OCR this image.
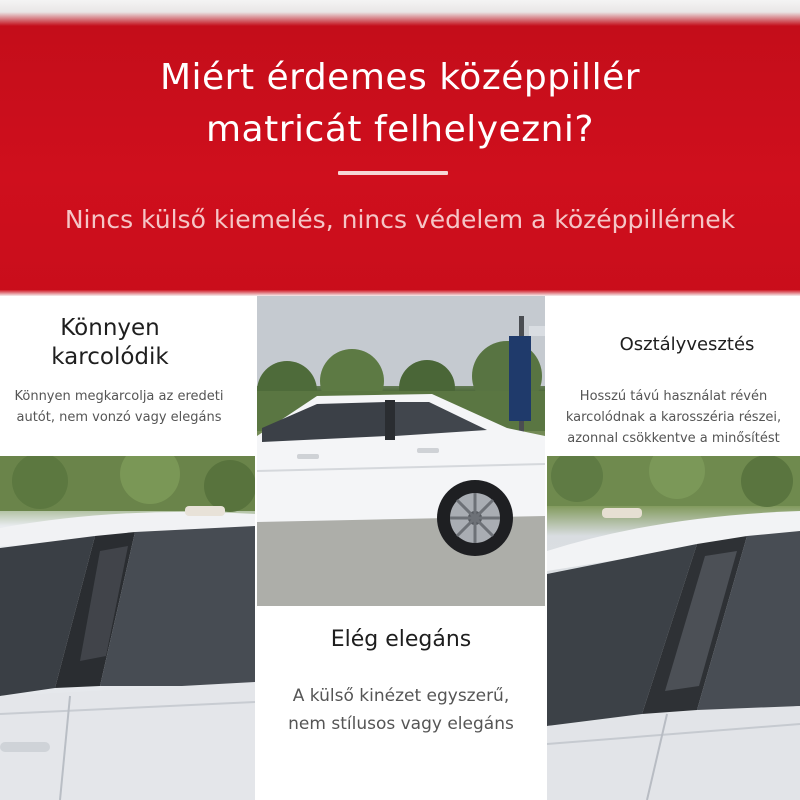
Miért érdemes középpillér
matricát felhelyezni?
Nincs külső kiemelés, nincs védelem a középpillérnek
Könnyen
karcolódik
Könnyen megkarcolja az eredeti
autót, nem vonzó vagy elegáns
Elég elegáns
A külső kinézet egyszerű,
nem stílusos vagy elegáns
Osztályvesztés
Hosszú távú használat révén
karcolódnak a karosszéria részei,
azonnal csökkentve a minősítést
